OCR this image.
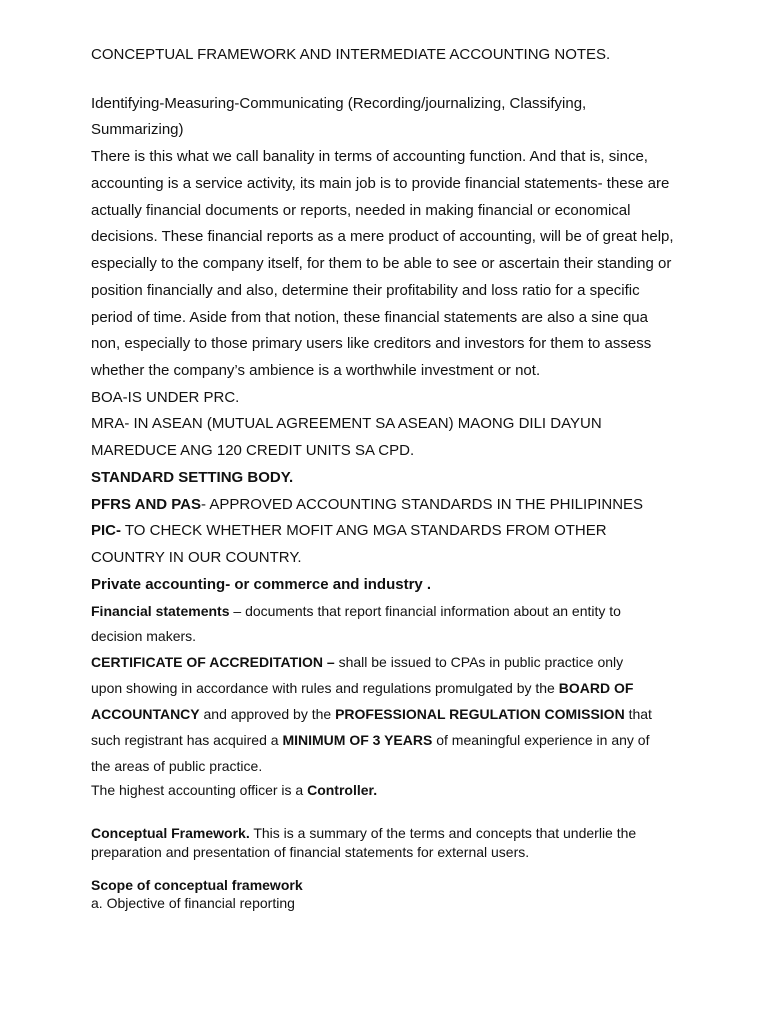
CONCEPTUAL FRAMEWORK AND INTERMEDIATE ACCOUNTING NOTES.
Identifying-Measuring-Communicating (Recording/journalizing, Classifying,
Summarizing)
There is this what we call banality in terms of accounting function. And that is, since,
accounting is a service activity, its main job is to provide financial statements- these are
actually financial documents or reports, needed in making financial or economical
decisions. These financial reports as a mere product of accounting, will be of great help,
especially to the company itself, for them to be able to see or ascertain their standing or
position financially and also, determine their profitability and loss ratio for a specific
period of time. Aside from that notion, these financial statements are also a sine qua
non, especially to those primary users like creditors and investors for them to assess
whether the company’s ambience is a worthwhile investment or not.
BOA-IS UNDER PRC.
MRA- IN ASEAN (MUTUAL AGREEMENT SA ASEAN) MAONG DILI DAYUN
MAREDUCE ANG 120 CREDIT UNITS SA CPD.
STANDARD SETTING BODY.
PFRS AND PAS- APPROVED ACCOUNTING STANDARDS IN THE PHILIPINNES
PIC- TO CHECK WHETHER MOFIT ANG MGA STANDARDS FROM OTHER
COUNTRY IN OUR COUNTRY.
Private accounting- or commerce and industry .
Financial statements – documents that report financial information about an entity to
decision makers.
CERTIFICATE OF ACCREDITATION – shall be issued to CPAs in public practice only
upon showing in accordance with rules and regulations promulgated by the BOARD OF
ACCOUNTANCY and approved by the PROFESSIONAL REGULATION COMISSION that
such registrant has acquired a MINIMUM OF 3 YEARS of meaningful experience in any of
the areas of public practice.
The highest accounting officer is a Controller.
Conceptual Framework. This is a summary of the terms and concepts that underlie the
preparation and presentation of financial statements for external users.
Scope of conceptual framework
a. Objective of financial reporting
